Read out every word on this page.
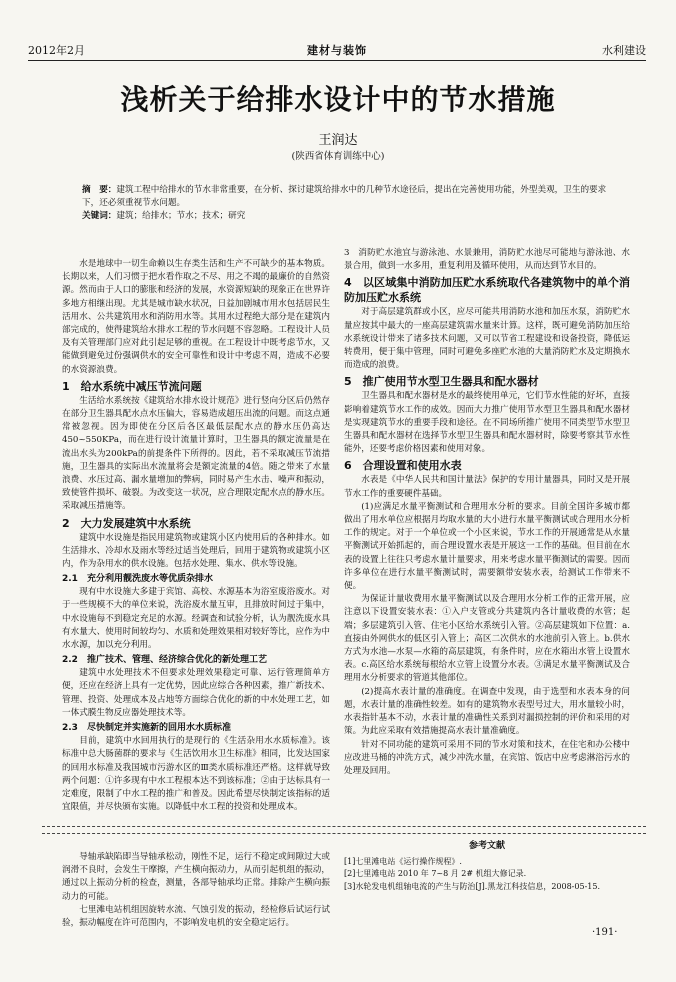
2012年2月	建材与装饰	水利建设
浅析关于给排水设计中的节水措施
王润达
(陕西省体育训练中心)
摘　要：建筑工程中给排水的节水非常重要，在分析、探讨建筑给排水中的几种节水途径后，提出在完善使用功能，外型美观，卫生的要求下，还必须重视节水问题。
关键词：建筑；给排水；节水；技术；研究

水是地球中一切生命赖以生存类生活和生产不可缺少的基本物质。长期以来，人们习惯于把水看作取之不尽、用之不竭的最廉价的自然资源。然而由于人口的膨胀和经济的发展，水资源短缺的现象正在世界许多地方相继出现。尤其是城市缺水状况，日益加剧城市用水包括居民生活用水、公共建筑用水和消防用水等。其用水过程绝大部分是在建筑内部完成的，使得建筑给水排水工程的节水问题不容忽略。工程设计人员及有关管理部门应对此引起足够的重视。在工程设计中既考虑节水，又能做到避免过份强调供水的安全可靠性和设计中考虑不周，造成不必要的水资源浪费。

1　给水系统中减压节流问题

生活给水系统按《建筑给水排水设计规范》进行竖向分区后仍然存在部分卫生器具配水点水压偏大，容易造成超压出流的问题。而这点通常被忽视。因为即使在分区后各区最低层配水点的静水压仍高达450~550KPa，而在进行设计流量计算时，卫生器具的额定流量是在流出水头为200kPa的前提条件下所得的。因此，若不采取减压节流措施，卫生器具的实际出水流量将会是额定流量的4倍。随之带来了水量浪费、水压过高、漏水量增加的弊病，同时易产生水击、噪声和振动，致使管件损坏、破裂。为改变这一状况，应合理限定配水点的静水压。采取减压措施等。

2　大力发展建筑中水系统

建筑中水设施是指民用建筑物或建筑小区内使用后的各种排水。如生活排水、冷却水及雨水等经过适当处理后，回用于建筑物或建筑小区内，作为杂用水的供水设施。包括水处理、集水、供水等设施。

2.1　充分利用靓洗废水等优质杂排水

现有中水设施大多建于宾馆、高校、水源基本为浴室废浴废水。对于一些规模不大的单位来说，洗浴废水量互审，且排放时间过于集中，中水设施每不到稳定充足的水源。经调查和试验分析，认为靓洗废水具有水量大、使用时间较均匀、水质和处理效果相对较好等比，应作为中水水源，加以充分利用。

2.2　推广技术、管理、经济综合优化的新处理工艺

建筑中水处理技术不但要求处理效果稳定可靠、运行管理简单方便，还应在经济上具有一定优势，因此应综合各种因素，推广新技术、管理、投资、处理成本及占地等方面综合优化的新的中水处理工艺，如一体式膜生物反应器处理技术等。

2.3　尽快制定并实施新的回用水水质标准

目前，建筑中水回用执行的是现行的《生活杂用水水质标准》。该标准中总大肠菌群的要求与《生活饮用水卫生标准》相同，比发达国家的回用水标准及我国城市污游水区的Ⅲ类水质标准还严格。这样就导致两个问题：①许多现有中水工程根本达不到该标准；②由于达标具有一定难度，限制了中水工程的推广和普及。因此希望尽快制定该指标的适宜限值，并尽快颁布实施。以降低中水工程的投资和处理成本。

3　消防贮水池宜与游泳池、水景兼用，消防贮水池尽可能地与游泳池、水景合用，做到一水多用，重复利用及循环使用，从而达到节水目的。

4　以区域集中消防加压贮水系统取代各建筑物中的单个消防加压贮水系统

对于高层建筑群或小区，应尽可能共用消防水池和加压水泵，消防贮水量应按其中最大的一座高层建筑需水量来计算。这样，既可避免消防加压给水系统设计带来了诸多技术问题，又可以节省工程建设和设备投资，降低运转费用，便于集中管理，同时可避免多座贮水池的大量消防贮水及定期换水而造成的浪费。

5　推广使用节水型卫生器具和配水器材

卫生器具和配水器材是水的最终使用单元，它们节水性能的好坏，直接影响着建筑节水工作的成效。因而大力推广使用节水型卫生器具和配水器材是实现建筑节水的重要手段和途径。在不同场所推广使用不同类型节水型卫生器具和配水器材在选择节水型卫生器具和配水器材时，除要考察其节水性能外，还要考虑价格因素和使用对象。

6　合理设置和使用水表

水表是《中华人民共和国计量法》保护的专用计量器具，同时又是开展节水工作的重要硬件基础。

(1)应满足水量平衡测试和合理用水分析的要求。目前全国许多城市都做出了用水单位应根据月均取水量的大小进行水量平衡测试或合理用水分析工作的规定。对于一个单位或一个小区来说，节水工作的开展通常是从水量平衡测试开始抓起的，而合理设置水表是开展这一工作的基础。但目前在水表的设置上往往只考虑水量计量要求，用来考虑水量平衡测试的需要。因而许多单位在进行水量平衡测试时，需要额带安装水表，给测试工作带来不便。

为保证计量收费用水量平衡测试以及合理用水分析工作的正常开展，应注意以下设置安装水表：①入户支管或分共建筑内各计量收费的水管；起端；多层建筑引入管、住宅小区给水系统引入管。②高层建筑如下位置：a.直接由外网供水的低区引入管上；高区二次供水的水池前引入管上。b.供水方式为水池—水泵—水箱的高层建筑，有条件时，应在水箱出水管上设置水表。c.高区给水系统每根给水立管上设置分水表。③满足水量平衡测试及合理用水分析要求的管道其他部位。

(2)提高水表计量的准确度。在调查中发现，由于选型和水表本身的问题，水表计量的准确性较差。如有的建筑物水表型号过大，用水量较小时，水表指针基本不动，水表计量的准确性关系到对漏损控制的评价和采用的对策。为此应采取有效措施提高水表计量准确度。

针对不同功能的建筑可采用不同的节水对策和技术，在住宅和办公楼中应改进马桶的冲洗方式，减少冲洗水量，在宾馆、饭店中应考虑淋浴污水的处理及回用。

导轴承缺陷即当导轴承松动，刚性不足，运行不稳定或间隙过大或润滑不良时，会发生干摩擦，产生横向振动力，从而引起机组的振动，通过以上振动分析的检查，测量，各部导轴承均正常。排除产生横向振动力的可能。

七里滩电站机组因旋转水流、气蚀引发的振动，经检修后试运行试验，振动幅度在许可范围内，不影响发电机的安全稳定运行。

参考文献
[1]七里滩电站《运行操作规程》.
[2]七里滩电站 2010 年 7~8 月 2# 机组大修记录.
[3]水轮发电机组轴电流的产生与防治[J].黑龙江科技信息，2008-05-15.
·191·
